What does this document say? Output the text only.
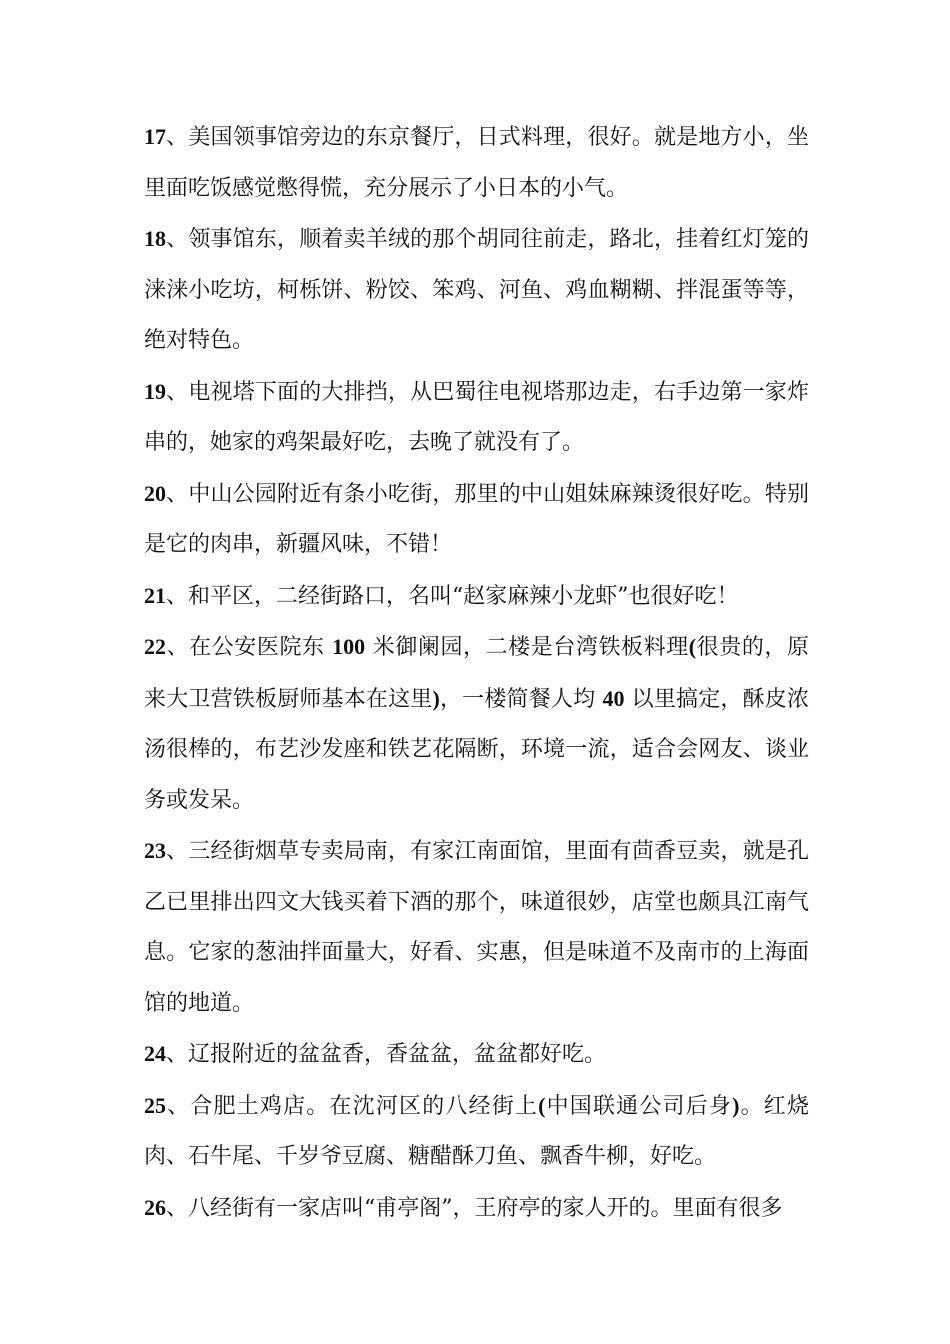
17、美国领事馆旁边的东京餐厅，日式料理，很好。就是地方小，坐里面吃饭感觉憋得慌，充分展示了小日本的小气。

18、领事馆东，顺着卖羊绒的那个胡同往前走，路北，挂着红灯笼的涞涞小吃坊，柯栎饼、粉饺、笨鸡、河鱼、鸡血糊糊、拌混蛋等等，绝对特色。

19、电视塔下面的大排挡，从巴蜀往电视塔那边走，右手边第一家炸串的，她家的鸡架最好吃，去晚了就没有了。

20、中山公园附近有条小吃街，那里的中山姐妹麻辣烫很好吃。特别是它的肉串，新疆风味，不错！

21、和平区，二经街路口，名叫“赵家麻辣小龙虾”也很好吃！

22、在公安医院东 100 米御阑园，二楼是台湾铁板料理(很贵的，原来大卫营铁板厨师基本在这里)，一楼简餐人均 40 以里搞定，酥皮浓汤很棒的，布艺沙发座和铁艺花隔断，环境一流，适合会网友、谈业务或发呆。

23、三经街烟草专卖局南，有家江南面馆，里面有茴香豆卖，就是孔乙已里排出四文大钱买着下酒的那个，味道很妙，店堂也颇具江南气息。它家的葱油拌面量大，好看、实惠，但是味道不及南市的上海面馆的地道。

24、辽报附近的盆盆香，香盆盆，盆盆都好吃。

25、合肥土鸡店。在沈河区的八经街上(中国联通公司后身)。红烧肉、石牛尾、千岁爷豆腐、糖醋酥刀鱼、飘香牛柳，好吃。

26、八经街有一家店叫“甫亭阁”，王府亭的家人开的。里面有很多
